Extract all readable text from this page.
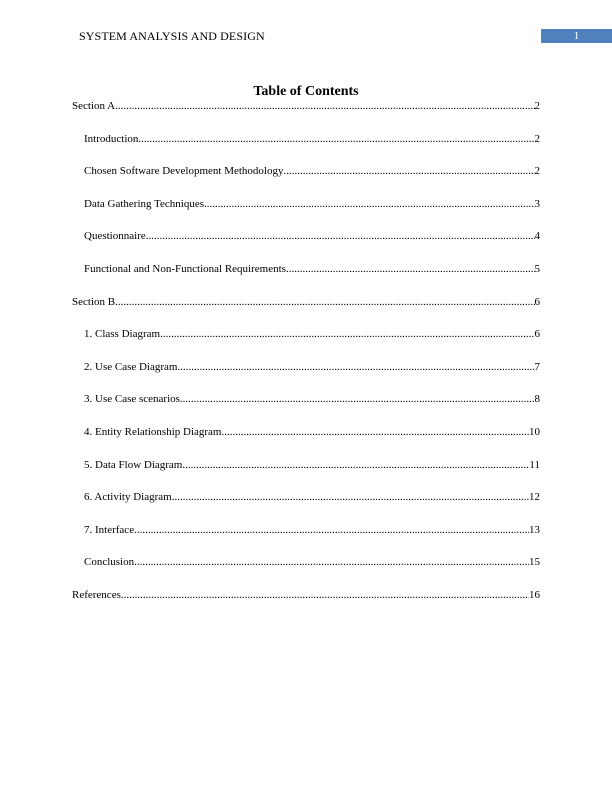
SYSTEM ANALYSIS AND DESIGN	1
Table of Contents
Section A .....	2
Introduction .....	2
Chosen Software Development Methodology .....	2
Data Gathering Techniques .....	3
Questionnaire .....	4
Functional and Non-Functional Requirements .....	5
Section B .....	6
1. Class Diagram .....	6
2. Use Case Diagram .....	7
3. Use Case scenarios .....	8
4. Entity Relationship Diagram .....	10
5. Data Flow Diagram .....	11
6. Activity Diagram .....	12
7. Interface .....	13
Conclusion .....	15
References .....	16
